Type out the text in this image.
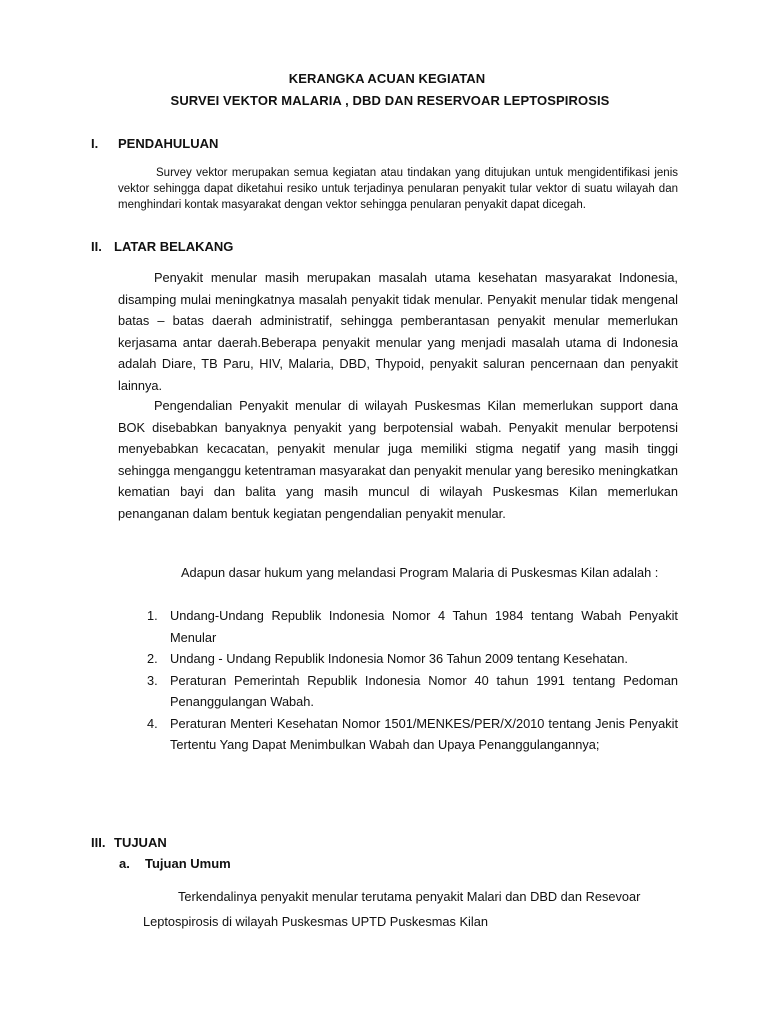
KERANGKA ACUAN KEGIATAN
SURVEI VEKTOR MALARIA , DBD DAN RESERVOAR LEPTOSPIROSIS
I. PENDAHULUAN

Survey vektor merupakan semua kegiatan atau tindakan yang ditujukan untuk mengidentifikasi jenis vektor sehingga dapat diketahui resiko untuk terjadinya penularan penyakit tular vektor di suatu wilayah dan menghindari kontak masyarakat dengan vektor sehingga penularan penyakit dapat dicegah.

II. LATAR BELAKANG

Penyakit menular masih merupakan masalah utama kesehatan masyarakat Indonesia, disamping mulai meningkatnya masalah penyakit tidak menular. Penyakit menular tidak mengenal batas – batas daerah administratif, sehingga pemberantasan penyakit menular memerlukan kerjasama antar daerah.Beberapa penyakit menular yang menjadi masalah utama di Indonesia adalah Diare, TB Paru, HIV, Malaria, DBD, Thypoid, penyakit saluran pencernaan dan penyakit lainnya.

Pengendalian Penyakit menular di wilayah Puskesmas Kilan memerlukan support dana BOK disebabkan banyaknya penyakit yang berpotensial wabah. Penyakit menular berpotensi menyebabkan kecacatan, penyakit menular juga memiliki stigma negatif yang masih tinggi sehingga menganggu ketentraman masyarakat dan penyakit menular yang beresiko meningkatkan kematian bayi dan balita yang masih muncul di wilayah Puskesmas Kilan memerlukan penanganan dalam bentuk kegiatan pengendalian penyakit menular.

Adapun dasar hukum yang melandasi Program Malaria di Puskesmas Kilan adalah :

1. Undang-Undang Republik Indonesia Nomor 4 Tahun 1984 tentang Wabah Penyakit Menular
2. Undang - Undang Republik Indonesia Nomor 36 Tahun 2009 tentang Kesehatan.
3. Peraturan Pemerintah Republik Indonesia Nomor 40 tahun 1991 tentang Pedoman Penanggulangan Wabah.
4. Peraturan Menteri Kesehatan Nomor 1501/MENKES/PER/X/2010 tentang Jenis Penyakit Tertentu Yang Dapat Menimbulkan Wabah dan Upaya Penanggulangannya;
III. TUJUAN
a. Tujuan Umum

Terkendalinya penyakit menular terutama penyakit Malari dan DBD dan Resevoar Leptospirosis di wilayah Puskesmas UPTD Puskesmas Kilan
